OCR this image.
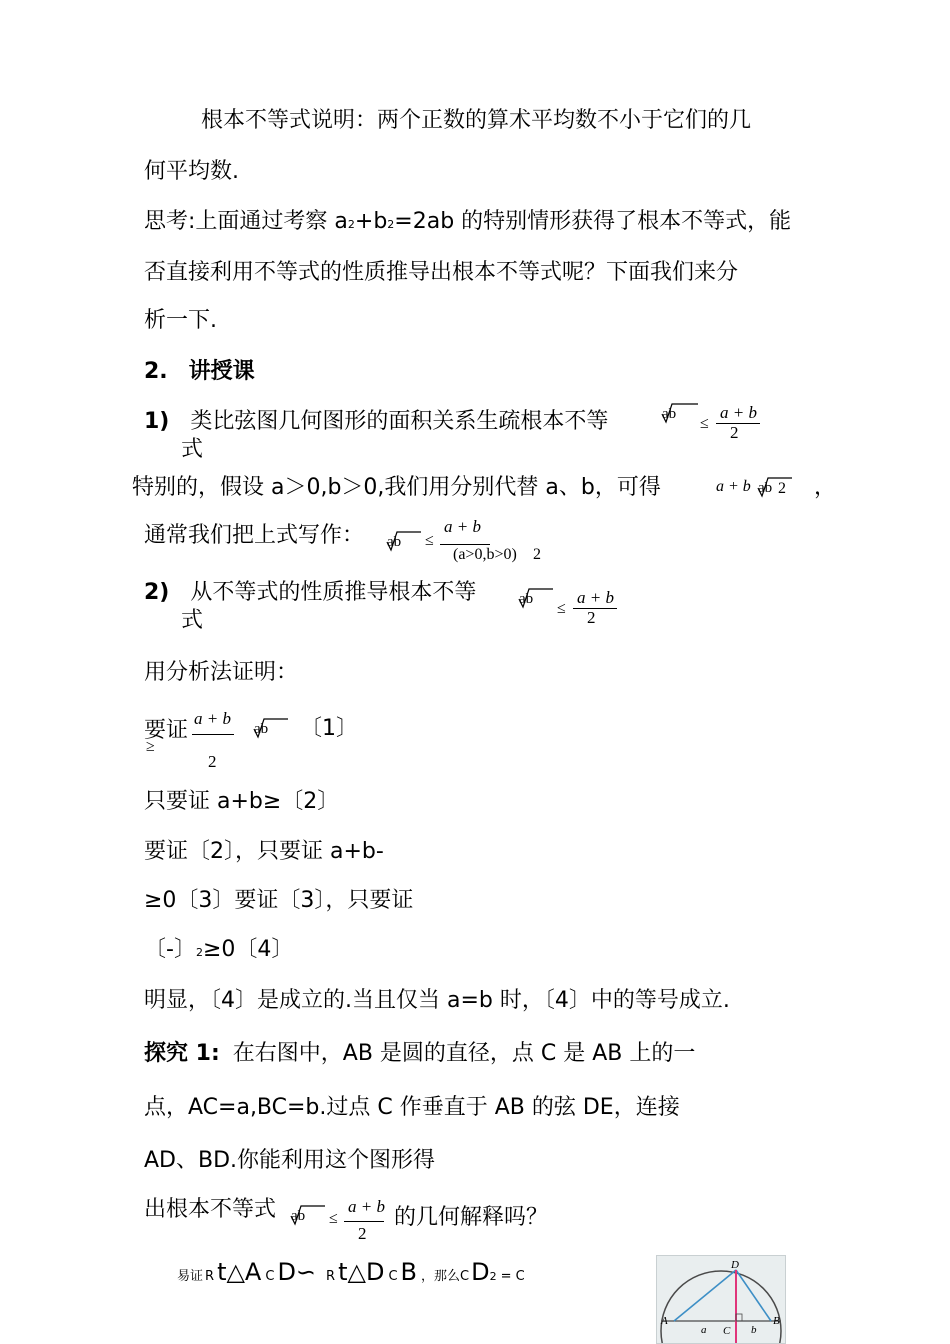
根本不等式说明：两个正数的算术平均数不小于它们的几
何平均数.
思考:上面通过考察 a2+b2=2ab 的特别情形获得了根本不等式，能
否直接利用不等式的性质推导出根本不等式呢？下面我们来分
析一下.
2. 讲授课
1) 类比弦图几何图形的面积关系生疏根本不等
式
ab
≤
a + b
2
特别的，假设 a＞0,b＞0,我们用分别代替 a、b，可得	a + b ab 2 ，
通常我们把上式写作： ab ≤
a + b
(a>0,b>0) 2
2) 从不等式的性质推导根本不等
式
ab
≤
a + b
2
用分析法证明：
要证
≥
a + b
2
ab 〔1〕
只要证 a+b≥〔2〕
要证〔2〕，只要证 a+b-
≥0〔3〕要证〔3〕，只要证
〔-〕2≥0〔4〕
明显，〔4〕是成立的.当且仅当 a=b 时，〔4〕中的等号成立.
探究 1: 在右图中，AB 是圆的直径，点 C 是 AB 上的一
点，AC=a,BC=b.过点 C 作垂直于 AB 的弦 DE，连接
AD、BD.你能利用这个图形得
出根本不等式 ab ≤
a + b
2
的几何解释吗？
易证 R t△A C D∽ R t△D C B ，那么 C D 2 = C
A	B
C
D
a	b
